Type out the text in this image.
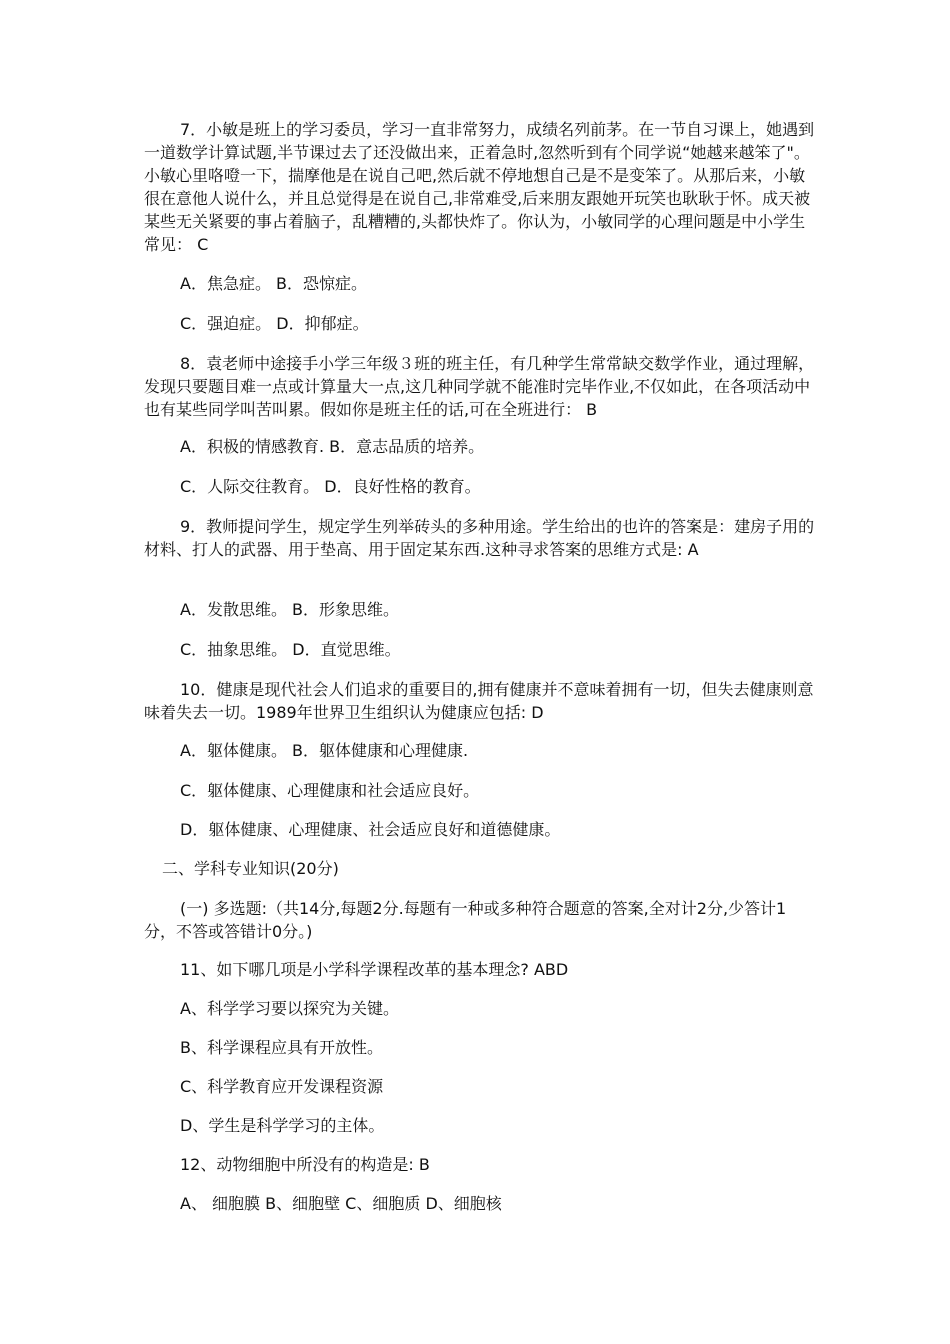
7．小敏是班上的学习委员，学习一直非常努力，成绩名列前茅。在一节自习课上，她遇到一道数学计算试题,半节课过去了还没做出来，正着急时,忽然听到有个同学说“她越来越笨了"。小敏心里咯噔一下，揣摩他是在说自己吧,然后就不停地想自己是不是变笨了。从那后来，小敏很在意他人说什么，并且总觉得是在说自己,非常难受,后来朋友跟她开玩笑也耿耿于怀。成天被某些无关紧要的事占着脑子，乱糟糟的,头都快炸了。你认为，小敏同学的心理问题是中小学生常见： C

A．焦急症。 B．恐惊症。

C．强迫症。 D．抑郁症。

8．袁老师中途接手小学三年级３班的班主任，有几种学生常常缺交数学作业，通过理解，发现只要题目难一点或计算量大一点,这几种同学就不能准时完毕作业,不仅如此，在各项活动中也有某些同学叫苦叫累。假如你是班主任的话,可在全班进行： B

A．积极的情感教育. B．意志品质的培养。

C．人际交往教育。 D．良好性格的教育。

9．教师提问学生，规定学生列举砖头的多种用途。学生给出的也许的答案是：建房子用的材料、打人的武器、用于垫高、用于固定某东西.这种寻求答案的思维方式是: A

A．发散思维。 B．形象思维。

C．抽象思维。 D．直觉思维。

10．健康是现代社会人们追求的重要目的,拥有健康并不意味着拥有一切，但失去健康则意味着失去一切。1989年世界卫生组织认为健康应包括: D

A．躯体健康。 B．躯体健康和心理健康.

C．躯体健康、心理健康和社会适应良好。

D．躯体健康、心理健康、社会适应良好和道德健康。

二、学科专业知识(20分)

(一) 多选题:（共14分,每题2分.每题有一种或多种符合题意的答案,全对计2分,少答计1分，不答或答错计0分。)

11、如下哪几项是小学科学课程改革的基本理念? ABD

A、科学学习要以探究为关键。

B、科学课程应具有开放性。

C、科学教育应开发课程资源

D、学生是科学学习的主体。

12、动物细胞中所没有的构造是: B

A、 细胞膜 B、细胞壁 C、细胞质 D、细胞核
